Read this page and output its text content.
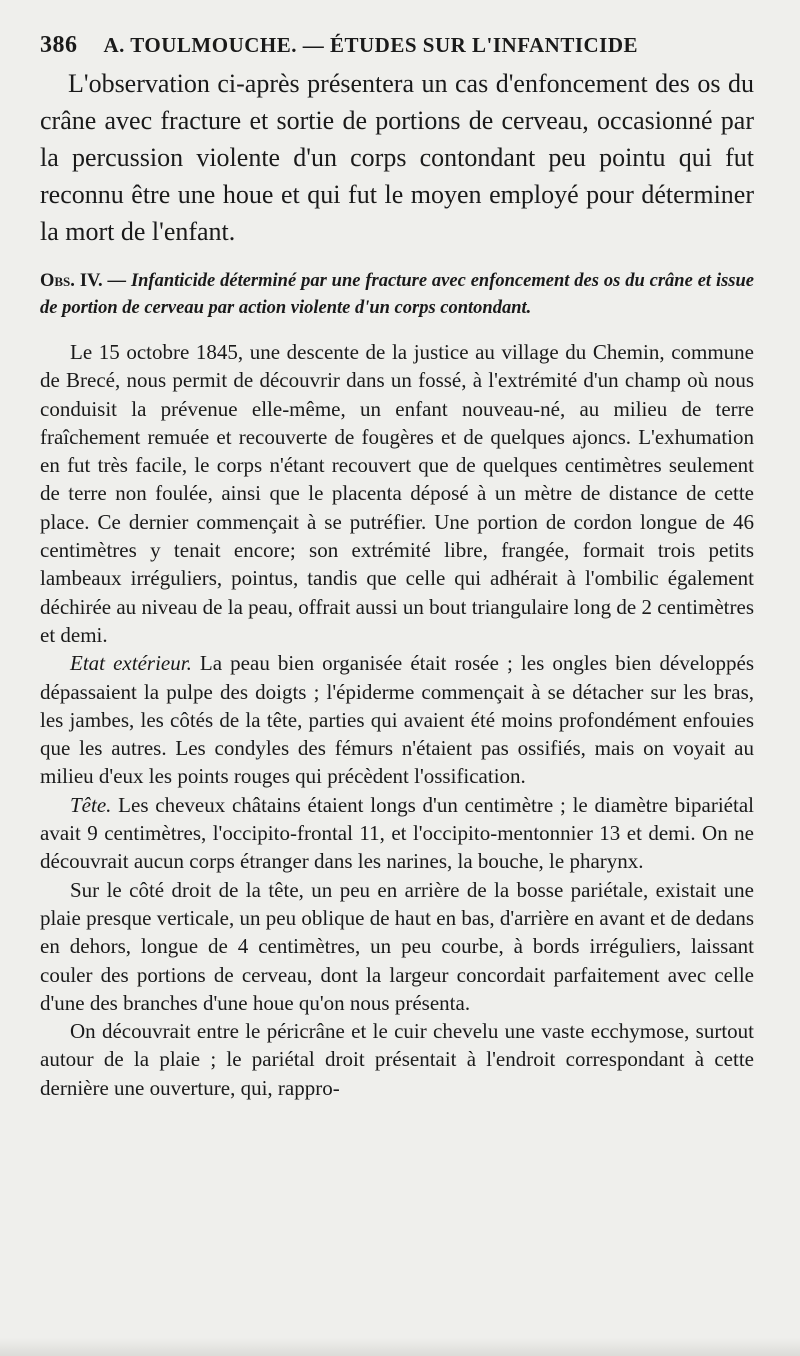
386 A. TOULMOUCHE. — ÉTUDES SUR L'INFANTICIDE

L'observation ci-après présentera un cas d'enfoncement des os du crâne avec fracture et sortie de portions de cerveau, occasionné par la percussion violente d'un corps contondant peu pointu qui fut reconnu être une houe et qui fut le moyen employé pour déterminer la mort de l'enfant.

Obs. IV. — Infanticide déterminé par une fracture avec enfoncement des os du crâne et issue de portion de cerveau par action violente d'un corps contondant.

Le 15 octobre 1845, une descente de la justice au village du Chemin, commune de Brecé, nous permit de découvrir dans un fossé, à l'extrémité d'un champ où nous conduisit la prévenue elle-même, un enfant nouveau-né, au milieu de terre fraîchement remuée et recouverte de fougères et de quelques ajoncs. L'exhumation en fut très facile, le corps n'étant recouvert que de quelques centimètres seulement de terre non foulée, ainsi que le placenta déposé à un mètre de distance de cette place. Ce dernier commençait à se putréfier. Une portion de cordon longue de 46 centimètres y tenait encore; son extrémité libre, frangée, formait trois petits lambeaux irréguliers, pointus, tandis que celle qui adhérait à l'ombilic également déchirée au niveau de la peau, offrait aussi un bout triangulaire long de 2 centimètres et demi.

Etat extérieur. La peau bien organisée était rosée ; les ongles bien développés dépassaient la pulpe des doigts ; l'épiderme commençait à se détacher sur les bras, les jambes, les côtés de la tête, parties qui avaient été moins profondément enfouies que les autres. Les condyles des fémurs n'étaient pas ossifiés, mais on voyait au milieu d'eux les points rouges qui précèdent l'ossification.

Tête. Les cheveux châtains étaient longs d'un centimètre ; le diamètre bipariétal avait 9 centimètres, l'occipito-frontal 11, et l'occipito-mentonnier 13 et demi. On ne découvrait aucun corps étranger dans les narines, la bouche, le pharynx.

Sur le côté droit de la tête, un peu en arrière de la bosse pariétale, existait une plaie presque verticale, un peu oblique de haut en bas, d'arrière en avant et de dedans en dehors, longue de 4 centimètres, un peu courbe, à bords irréguliers, laissant couler des portions de cerveau, dont la largeur concordait parfaitement avec celle d'une des branches d'une houe qu'on nous présenta.

On découvrait entre le péricrâne et le cuir chevelu une vaste ecchymose, surtout autour de la plaie ; le pariétal droit présentait à l'endroit correspondant à cette dernière une ouverture, qui, rappro-
